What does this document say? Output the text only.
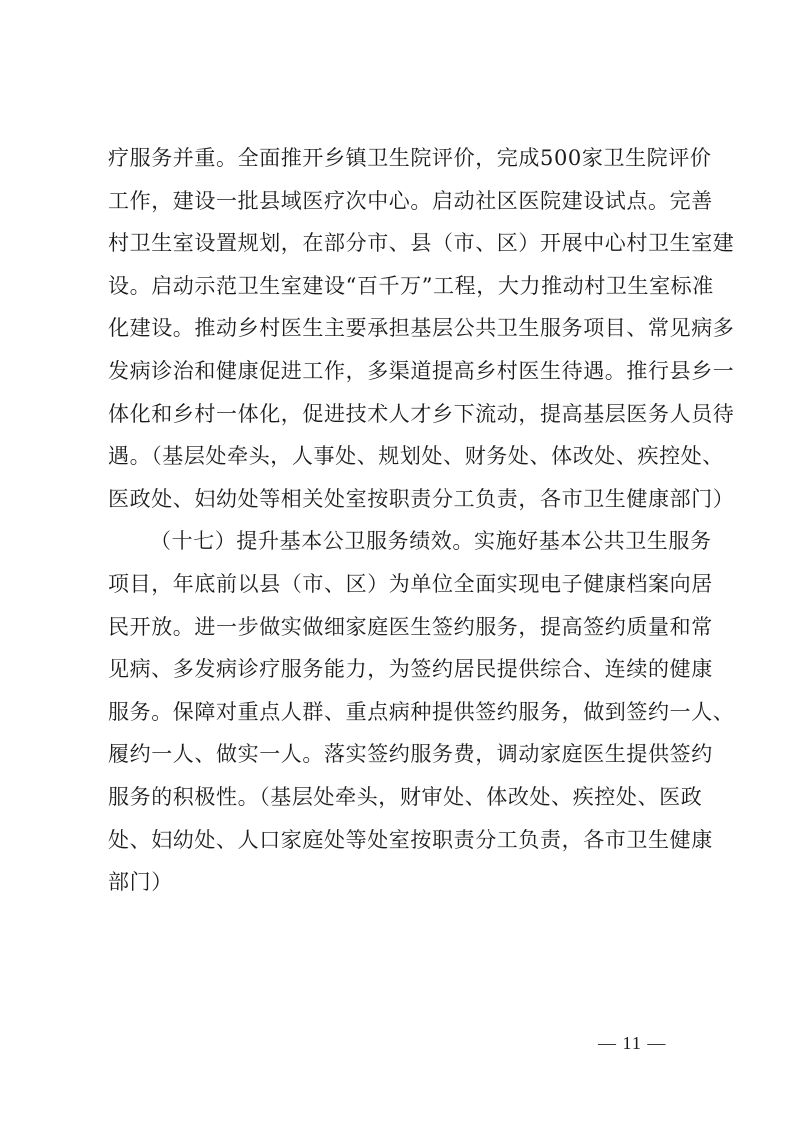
疗服务并重。全面推开乡镇卫生院评价，完成500家卫生院评价
工作，建设一批县域医疗次中心。启动社区医院建设试点。完善
村卫生室设置规划，在部分市、县（市、区）开展中心村卫生室建
设。启动示范卫生室建设“百千万”工程，大力推动村卫生室标准
化建设。推动乡村医生主要承担基层公共卫生服务项目、常见病多
发病诊治和健康促进工作，多渠道提高乡村医生待遇。推行县乡一
体化和乡村一体化，促进技术人才乡下流动，提高基层医务人员待
遇。（基层处牵头，人事处、规划处、财务处、体改处、疾控处、
医政处、妇幼处等相关处室按职责分工负责，各市卫生健康部门）
（十七）提升基本公卫服务绩效。实施好基本公共卫生服务
项目，年底前以县（市、区）为单位全面实现电子健康档案向居
民开放。进一步做实做细家庭医生签约服务，提高签约质量和常
见病、多发病诊疗服务能力，为签约居民提供综合、连续的健康
服务。保障对重点人群、重点病种提供签约服务，做到签约一人、
履约一人、做实一人。落实签约服务费，调动家庭医生提供签约
服务的积极性。（基层处牵头，财审处、体改处、疾控处、医政
处、妇幼处、人口家庭处等处室按职责分工负责，各市卫生健康
部门）
— 11 —
